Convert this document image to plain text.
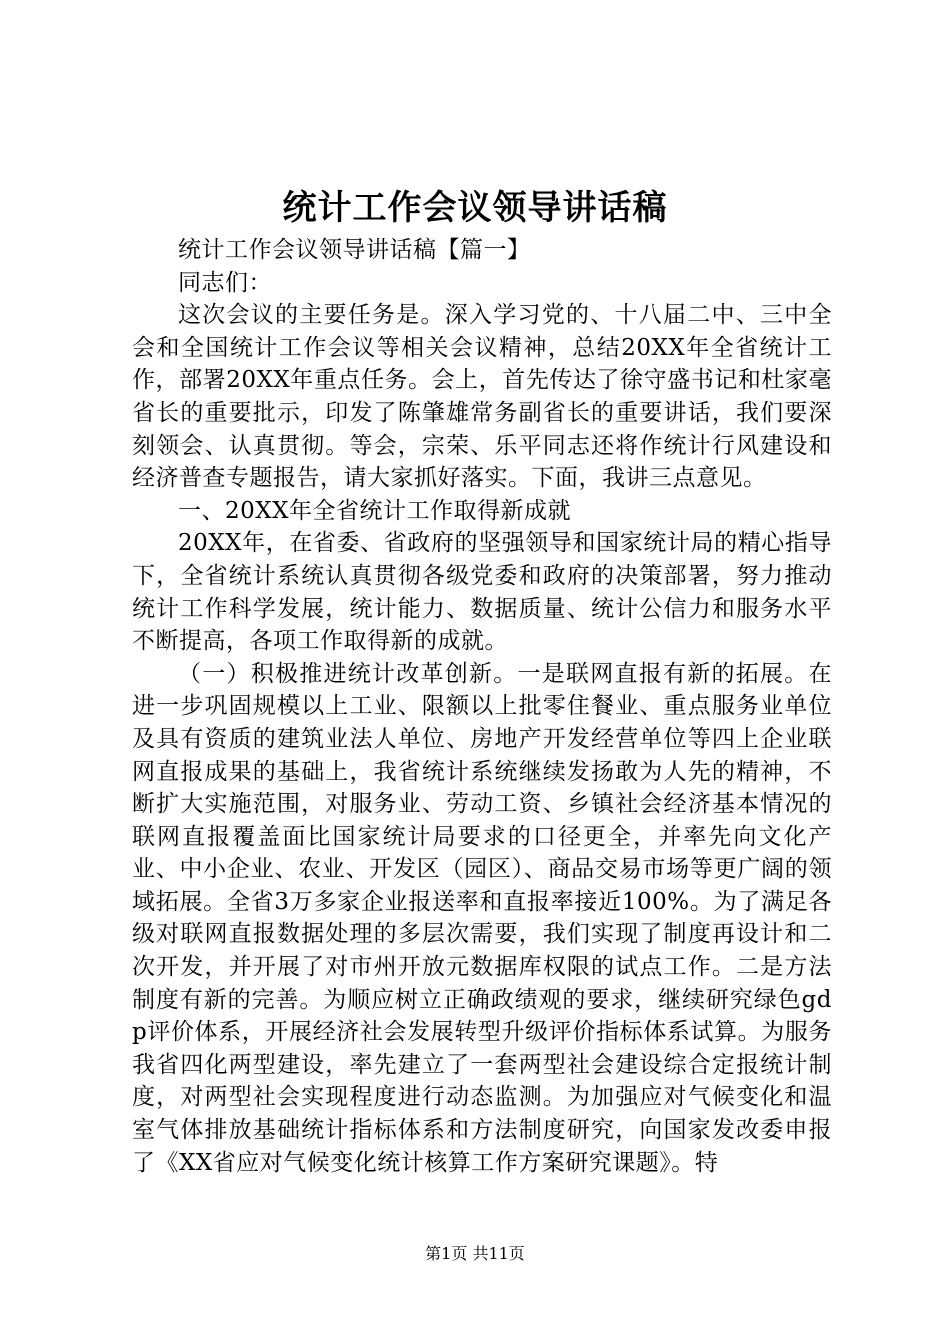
统计工作会议领导讲话稿

统计工作会议领导讲话稿【篇一】

同志们：

这次会议的主要任务是。深入学习党的、十八届二中、三中全会和全国统计工作会议等相关会议精神，总结20XX年全省统计工作，部署20XX年重点任务。会上，首先传达了徐守盛书记和杜家毫省长的重要批示，印发了陈肇雄常务副省长的重要讲话，我们要深刻领会、认真贯彻。等会，宗荣、乐平同志还将作统计行风建设和经济普查专题报告，请大家抓好落实。下面，我讲三点意见。

一、20XX年全省统计工作取得新成就

20XX年，在省委、省政府的坚强领导和国家统计局的精心指导下，全省统计系统认真贯彻各级党委和政府的决策部署，努力推动统计工作科学发展，统计能力、数据质量、统计公信力和服务水平不断提高，各项工作取得新的成就。

（一）积极推进统计改革创新。一是联网直报有新的拓展。在进一步巩固规模以上工业、限额以上批零住餐业、重点服务业单位及具有资质的建筑业法人单位、房地产开发经营单位等四上企业联网直报成果的基础上，我省统计系统继续发扬敢为人先的精神，不断扩大实施范围，对服务业、劳动工资、乡镇社会经济基本情况的联网直报覆盖面比国家统计局要求的口径更全，并率先向文化产业、中小企业、农业、开发区（园区）、商品交易市场等更广阔的领域拓展。全省3万多家企业报送率和直报率接近100%。为了满足各级对联网直报数据处理的多层次需要，我们实现了制度再设计和二次开发，并开展了对市州开放元数据库权限的试点工作。二是方法制度有新的完善。为顺应树立正确政绩观的要求，继续研究绿色gdp评价体系，开展经济社会发展转型升级评价指标体系试算。为服务我省四化两型建设，率先建立了一套两型社会建设综合定报统计制度，对两型社会实现程度进行动态监测。为加强应对气候变化和温室气体排放基础统计指标体系和方法制度研究，向国家发改委申报了《XX省应对气候变化统计核算工作方案研究课题》。特

第1页 共11页
